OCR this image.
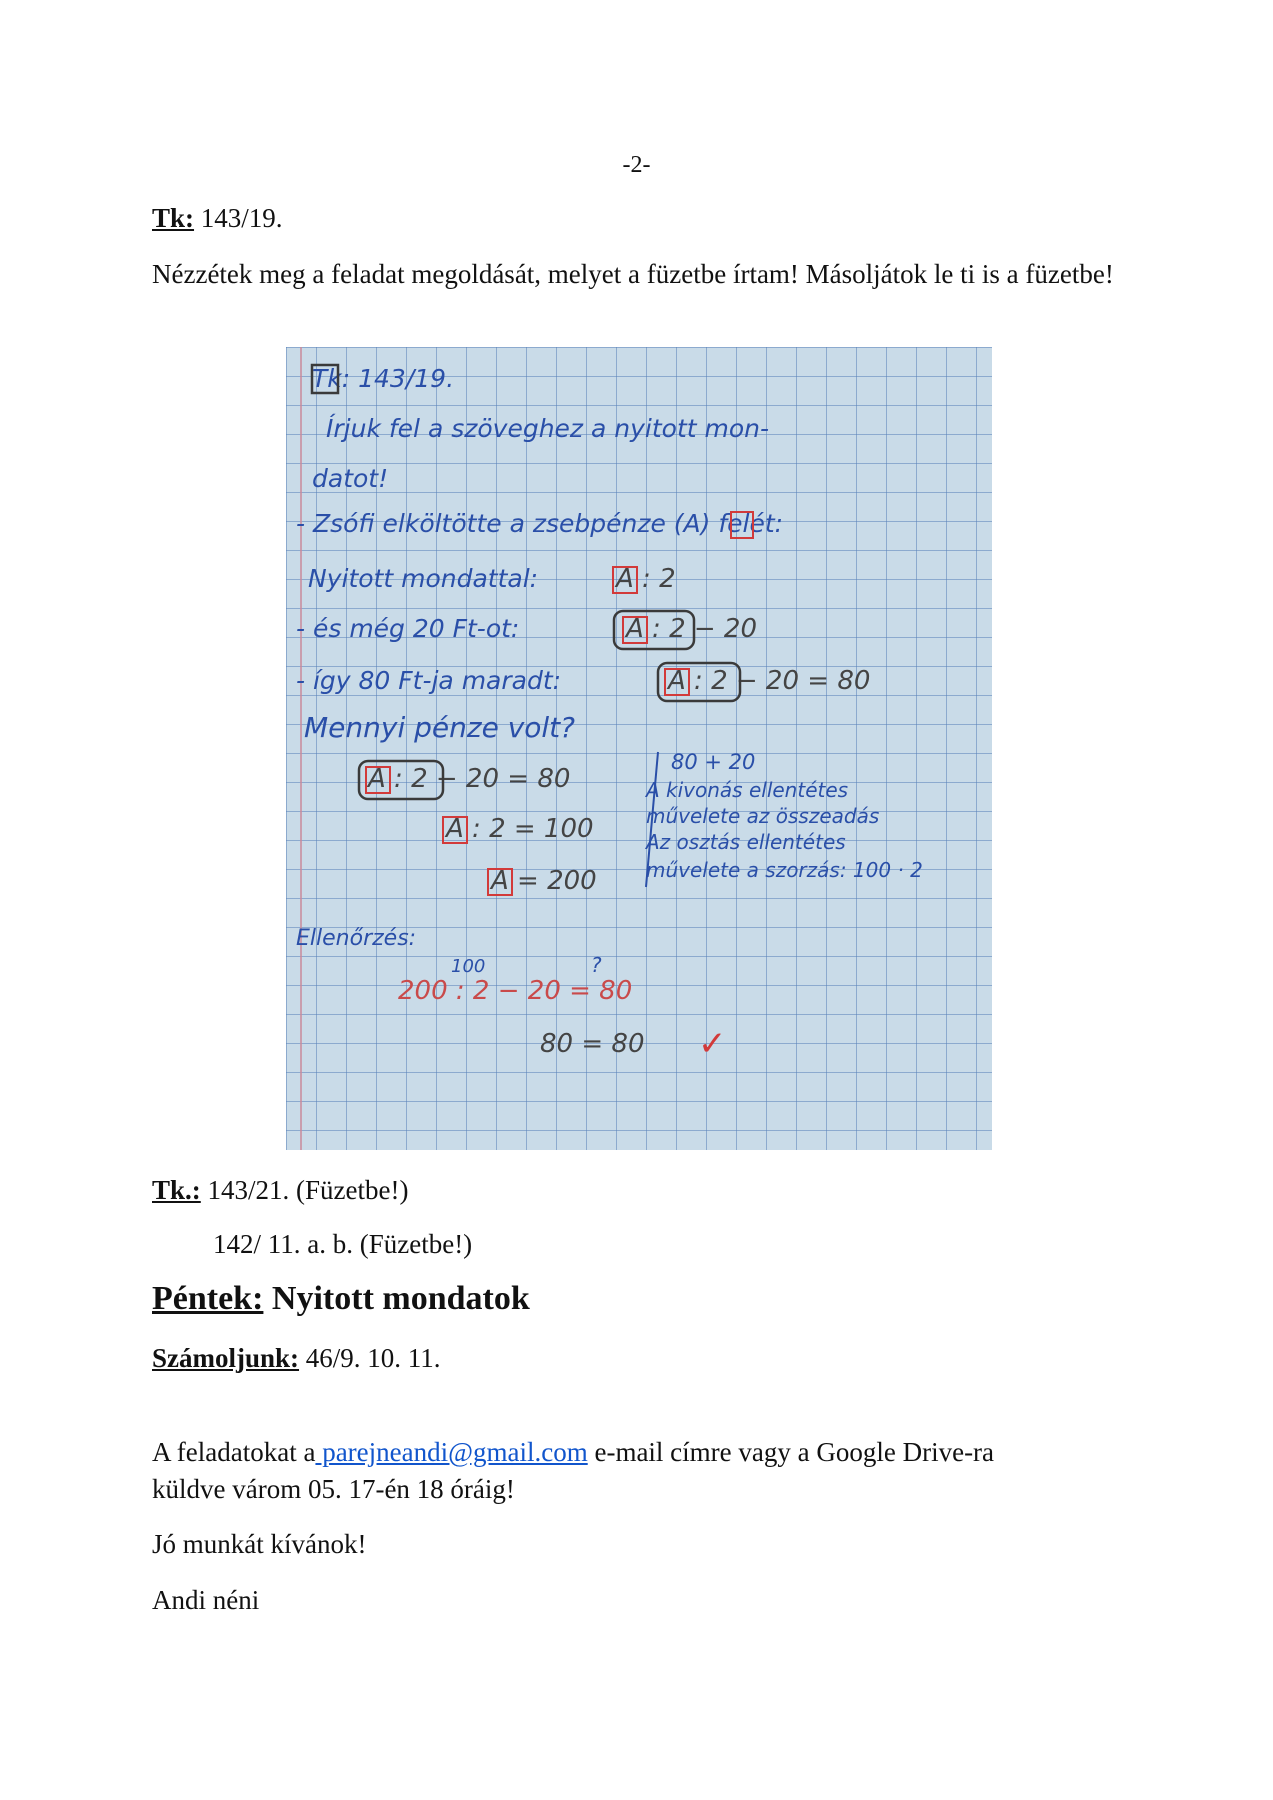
-2-
Tk: 143/19.
Nézzétek meg a feladat megoldását, melyet a füzetbe írtam! Másoljátok le ti is a füzetbe!
Tk: 143/19.
Írjuk fel a szöveghez a nyitott mon-
datot!
- Zsófi elköltötte a zsebpénze (A) felét:
Nyitott mondattal:
- és még 20 Ft-ot:
- így 80 Ft-ja maradt:
Mennyi pénze volt?
80 + 20
A kivonás ellentétes
művelete az összeadás
Az osztás ellentétes
művelete a szorzás: 100 · 2
Ellenőrzés:
100	?
A : 2
A : 2 − 20
A : 2 − 20 = 80
A : 2 − 20 = 80
A : 2 = 100
A = 200
200 : 2 − 20 = 80
80 = 80 ✓
Tk.: 143/21. (Füzetbe!)
142/ 11. a. b. (Füzetbe!)
Péntek: Nyitott mondatok
Számoljunk: 46/9. 10. 11.
A feladatokat a parejneandi@gmail.com e-mail címre vagy a Google Drive-ra
küldve várom 05. 17-én 18 óráig!
Jó munkát kívánok!
Andi néni
